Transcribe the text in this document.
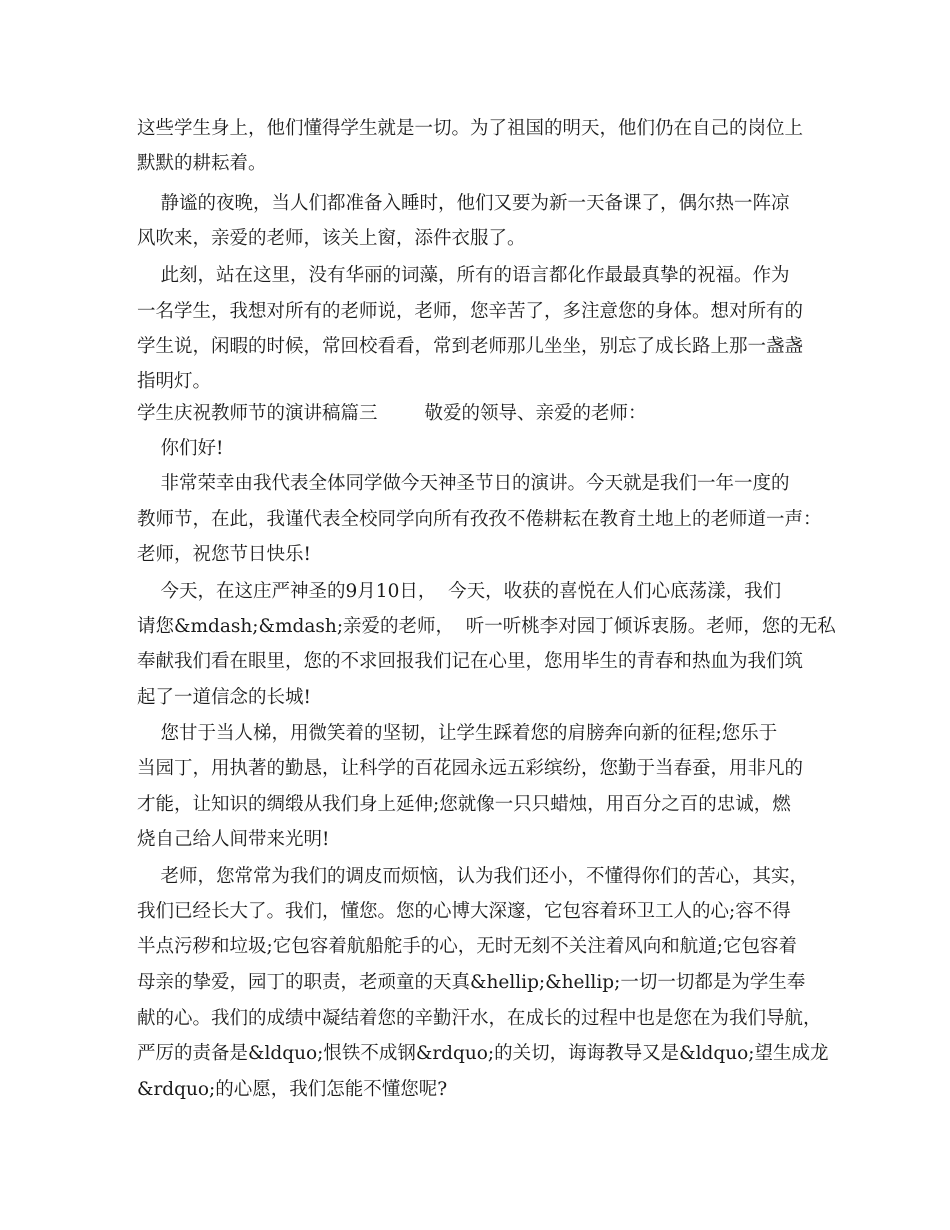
这些学生身上，他们懂得学生就是一切。为了祖国的明天，他们仍在自己的岗位上
默默的耕耘着。
静谧的夜晚，当人们都准备入睡时，他们又要为新一天备课了，偶尔热一阵凉
风吹来，亲爱的老师，该关上窗，添件衣服了。
此刻，站在这里，没有华丽的词藻，所有的语言都化作最最真挚的祝福。作为
一名学生，我想对所有的老师说，老师，您辛苦了，多注意您的身体。想对所有的
学生说，闲暇的时候，常回校看看，常到老师那儿坐坐，别忘了成长路上那一盏盏
指明灯。
学生庆祝教师节的演讲稿篇三        敬爱的领导、亲爱的老师：
你们好!
非常荣幸由我代表全体同学做今天神圣节日的演讲。今天就是我们一年一度的
教师节，在此，我谨代表全校同学向所有孜孜不倦耕耘在教育土地上的老师道一声：
老师，祝您节日快乐!
今天，在这庄严神圣的9月10日，  今天，收获的喜悦在人们心底荡漾，我们
请您&mdash;&mdash;亲爱的老师，  听一听桃李对园丁倾诉衷肠。老师，您的无私
奉献我们看在眼里，您的不求回报我们记在心里，您用毕生的青春和热血为我们筑
起了一道信念的长城!
您甘于当人梯，用微笑着的坚韧，让学生踩着您的肩膀奔向新的征程;您乐于
当园丁，用执著的勤恳，让科学的百花园永远五彩缤纷，您勤于当春蚕，用非凡的
才能，让知识的绸缎从我们身上延伸;您就像一只只蜡烛，用百分之百的忠诚，燃
烧自己给人间带来光明!
老师，您常常为我们的调皮而烦恼，认为我们还小，不懂得你们的苦心，其实，
我们已经长大了。我们，懂您。您的心博大深邃，它包容着环卫工人的心;容不得
半点污秽和垃圾;它包容着航船舵手的心，无时无刻不关注着风向和航道;它包容着
母亲的挚爱，园丁的职责，老顽童的天真&hellip;&hellip;一切一切都是为学生奉
献的心。我们的成绩中凝结着您的辛勤汗水，在成长的过程中也是您在为我们导航，
严厉的责备是&ldquo;恨铁不成钢&rdquo;的关切，诲诲教导又是&ldquo;望生成龙
&rdquo;的心愿，我们怎能不懂您呢?
